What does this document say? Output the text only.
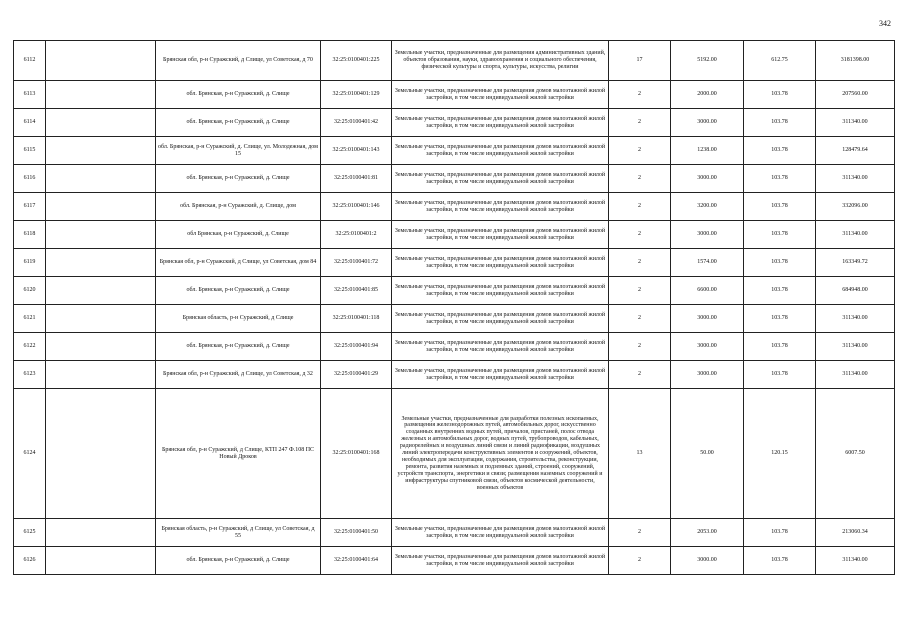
342
6112		Брянская обл, р-н Суражский, д Слище, ул Советская, д 70	32:25:0100401:225	Земельные участки, предназначенные для размещения административных зданий, объектов образования, науки, здравоохранения и социального обеспечения, физической культуры и спорта, культуры, искусства, религии	17	5192.00	612.75	3181398.00
6113		обл. Брянская, р-н Суражский, д. Слище	32:25:0100401:129	Земельные участки, предназначенные для размещения домов малоэтажной жилой застройки, в том числе индивидуальной жилой застройки	2	2000.00	103.78	207560.00
6114		обл. Брянская, р-н Суражский, д. Слище	32:25:0100401:42	Земельные участки, предназначенные для размещения домов малоэтажной жилой застройки, в том числе индивидуальной жилой застройки	2	3000.00	103.78	311340.00
6115		обл. Брянская, р-н Суражский, д. Слище, ул. Молодежная, дом 15	32:25:0100401:143	Земельные участки, предназначенные для размещения домов малоэтажной жилой застройки, в том числе индивидуальной жилой застройки	2	1238.00	103.78	128479.64
6116		обл. Брянская, р-н Суражский, д. Слище	32:25:0100401:81	Земельные участки, предназначенные для размещения домов малоэтажной жилой застройки, в том числе индивидуальной жилой застройки	2	3000.00	103.78	311340.00
6117		обл. Брянская, р-н Суражский, д. Слище, дом	32:25:0100401:146	Земельные участки, предназначенные для размещения домов малоэтажной жилой застройки, в том числе индивидуальной жилой застройки	2	3200.00	103.78	332096.00
6118		обл Брянская, р-н Суражский, д. Слище	32:25:0100401:2	Земельные участки, предназначенные для размещения домов малоэтажной жилой застройки, в том числе индивидуальной жилой застройки	2	3000.00	103.78	311340.00
6119		Брянская обл, р-н Суражский, д Слище, ул Советская, дом 84	32:25:0100401:72	Земельные участки, предназначенные для размещения домов малоэтажной жилой застройки, в том числе индивидуальной жилой застройки	2	1574.00	103.78	163349.72
6120		обл. Брянская, р-н Суражский, д. Слище	32:25:0100401:85	Земельные участки, предназначенные для размещения домов малоэтажной жилой застройки, в том числе индивидуальной жилой застройки	2	6600.00	103.78	684948.00
6121		Брянская область, р-н Суражский, д Слище	32:25:0100401:118	Земельные участки, предназначенные для размещения домов малоэтажной жилой застройки, в том числе индивидуальной жилой застройки	2	3000.00	103.78	311340.00
6122		обл. Брянская, р-н Суражский, д. Слище	32:25:0100401:94	Земельные участки, предназначенные для размещения домов малоэтажной жилой застройки, в том числе индивидуальной жилой застройки	2	3000.00	103.78	311340.00
6123		Брянская обл, р-н Суражский, д Слище, ул Советская, д 32	32:25:0100401:29	Земельные участки, предназначенные для размещения домов малоэтажной жилой застройки, в том числе индивидуальной жилой застройки	2	3000.00	103.78	311340.00
6124		Брянская обл, р-н Суражский, д Слище, КТП 247 Ф.108 ПС Новый Дроков	32:25:0100401:168	Земельные участки, предназначенные для разработки полезных ископаемых, размещения железнодорожных путей, автомобильных дорог, искусственно созданных внутренних водных путей, причалов, пристаней, полос отвода железных и автомобильных дорог, водных путей, трубопроводов, кабельных, радиорелейных и воздушных линий связи и линий радиофикации, воздушных линий электропередачи конструктивных элементов и сооружений, объектов, необходимых для эксплуатации, содержания, строительства, реконструкции, ремонта, развития наземных и подземных зданий, строений, сооружений, устройств транспорта, энергетики и связи; размещения наземных сооружений и инфраструктуры спутниковой связи, объектов космической деятельности, военных объектов	13	50.00	120.15	6007.50
6125		Брянская область, р-н Суражский, д Слище, ул Советская, д 55	32:25:0100401:50	Земельные участки, предназначенные для размещения домов малоэтажной жилой застройки, в том числе индивидуальной жилой застройки	2	2053.00	103.78	213060.34
6126		обл. Брянская, р-н Суражский, д. Слище	32:25:0100401:64	Земельные участки, предназначенные для размещения домов малоэтажной жилой застройки, в том числе индивидуальной жилой застройки	2	3000.00	103.78	311340.00
